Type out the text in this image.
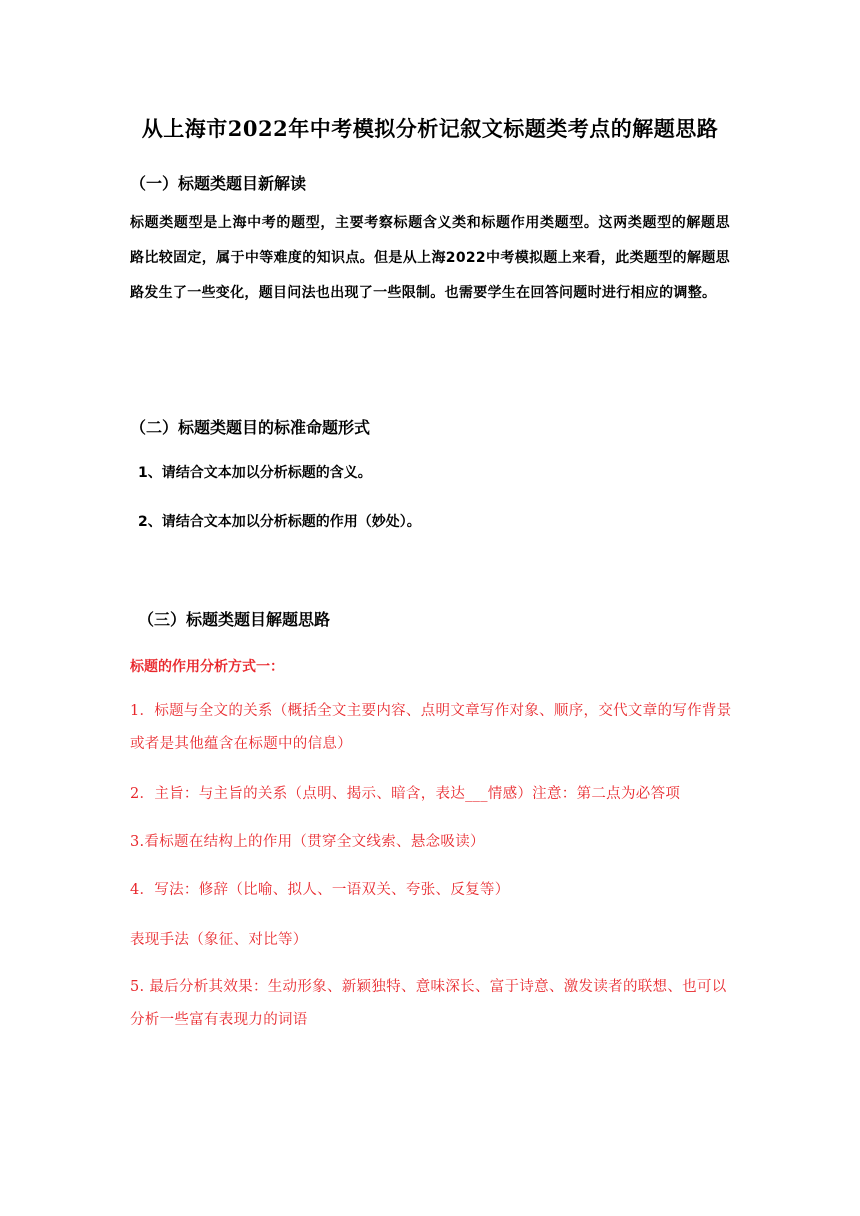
从上海市2022年中考模拟分析记叙文标题类考点的解题思路
（一）标题类题目新解读
标题类题型是上海中考的题型，主要考察标题含义类和标题作用类题型。这两类题型的解题思路比较固定，属于中等难度的知识点。但是从上海2022中考模拟题上来看，此类题型的解题思路发生了一些变化，题目问法也出现了一些限制。也需要学生在回答问题时进行相应的调整。
（二）标题类题目的标准命题形式
1、请结合文本加以分析标题的含义。
2、请结合文本加以分析标题的作用（妙处）。
（三）标题类题目解题思路
标题的作用分析方式一：
1．标题与全文的关系（概括全文主要内容、点明文章写作对象、顺序，交代文章的写作背景或者是其他蕴含在标题中的信息）
2．主旨：与主旨的关系（点明、揭示、暗含，表达___情感）注意：第二点为必答项
3.看标题在结构上的作用（贯穿全文线索、悬念吸读）
4．写法：修辞（比喻、拟人、一语双关、夸张、反复等）
表现手法（象征、对比等）
5. 最后分析其效果：生动形象、新颖独特、意味深长、富于诗意、激发读者的联想、也可以分析一些富有表现力的词语
